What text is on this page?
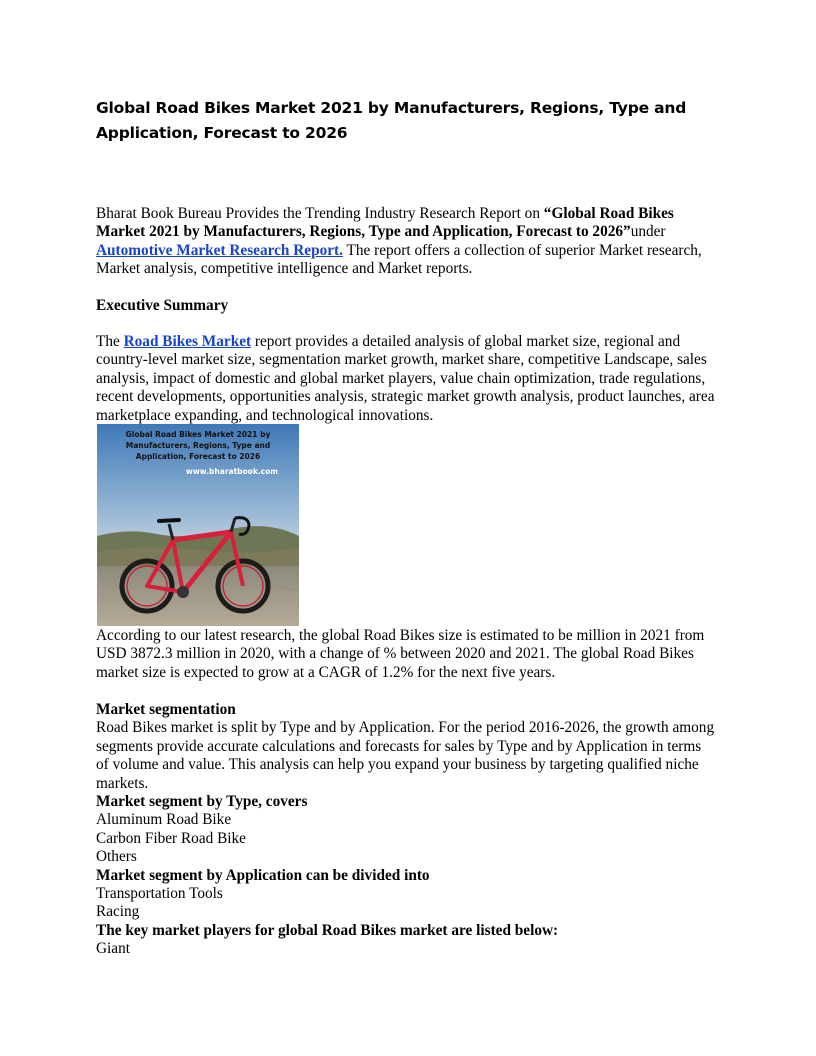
Global Road Bikes Market 2021 by Manufacturers, Regions, Type and Application, Forecast to 2026

Bharat Book Bureau Provides the Trending Industry Research Report on “Global Road Bikes Market 2021 by Manufacturers, Regions, Type and Application, Forecast to 2026”under Automotive Market Research Report. The report offers a collection of superior Market research, Market analysis, competitive intelligence and Market reports.

Executive Summary

The Road Bikes Market report provides a detailed analysis of global market size, regional and country-level market size, segmentation market growth, market share, competitive Landscape, sales analysis, impact of domestic and global market players, value chain optimization, trade regulations, recent developments, opportunities analysis, strategic market growth analysis, product launches, area marketplace expanding, and technological innovations.

Global Road Bikes Market 2021 by
Manufacturers, Regions, Type and
Application, Forecast to 2026
www.bharatbook.com

According to our latest research, the global Road Bikes size is estimated to be million in 2021 from USD 3872.3 million in 2020, with a change of % between 2020 and 2021. The global Road Bikes market size is expected to grow at a CAGR of 1.2% for the next five years.

Market segmentation
Road Bikes market is split by Type and by Application. For the period 2016-2026, the growth among segments provide accurate calculations and forecasts for sales by Type and by Application in terms of volume and value. This analysis can help you expand your business by targeting qualified niche markets.
Market segment by Type, covers
Aluminum Road Bike
Carbon Fiber Road Bike
Others
Market segment by Application can be divided into
Transportation Tools
Racing
The key market players for global Road Bikes market are listed below:
Giant
